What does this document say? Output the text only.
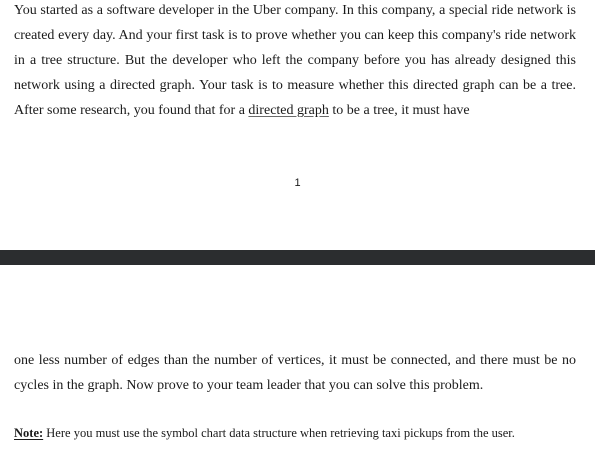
You started as a software developer in the Uber company. In this company, a special ride network is created every day. And your first task is to prove whether you can keep this company's ride network in a tree structure. But the developer who left the company before you has already designed this network using a directed graph. Your task is to measure whether this directed graph can be a tree. After some research, you found that for a directed graph to be a tree, it must have

1

one less number of edges than the number of vertices, it must be connected, and there must be no cycles in the graph. Now prove to your team leader that you can solve this problem.

Note: Here you must use the symbol chart data structure when retrieving taxi pickups from the user.
